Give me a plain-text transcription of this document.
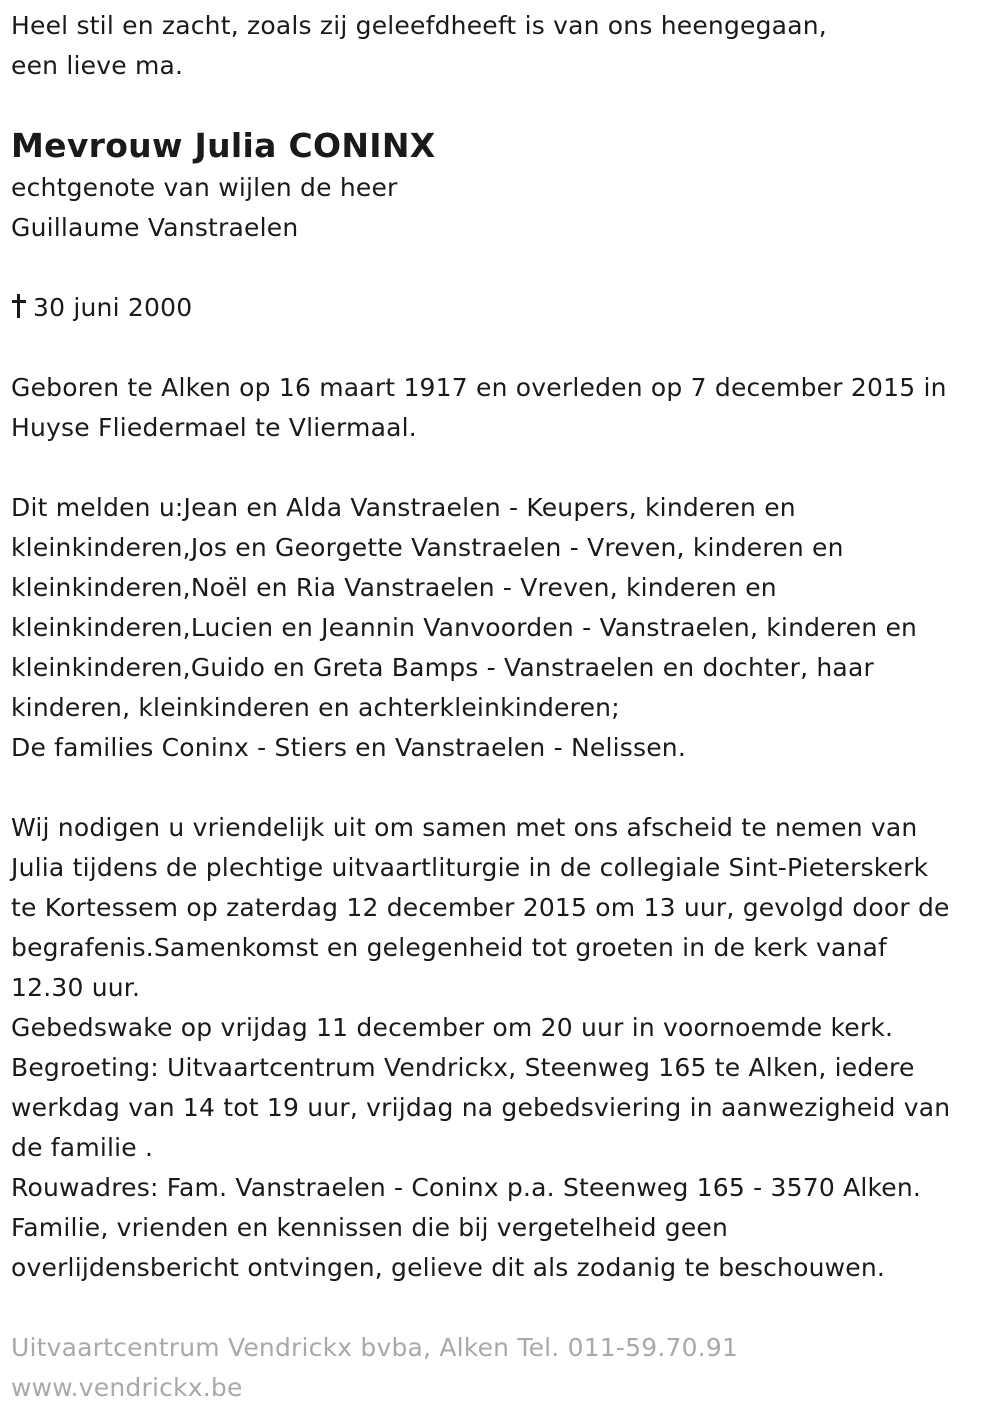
Heel stil en zacht, zoals zij geleefdheeft is van ons heengegaan,
een lieve ma.
Mevrouw Julia CONINX
echtgenote van wijlen de heer
Guillaume Vanstraelen
30 juni 2000
Geboren te Alken op 16 maart 1917 en overleden op 7 december 2015 in
Huyse Fliedermael te Vliermaal.
Dit melden u:Jean en Alda Vanstraelen - Keupers, kinderen en
kleinkinderen,Jos en Georgette Vanstraelen - Vreven, kinderen en
kleinkinderen,Noël en Ria Vanstraelen - Vreven, kinderen en
kleinkinderen,Lucien en Jeannin Vanvoorden - Vanstraelen, kinderen en
kleinkinderen,Guido en Greta Bamps - Vanstraelen en dochter, haar
kinderen, kleinkinderen en achterkleinkinderen;
De families Coninx - Stiers en Vanstraelen - Nelissen.
Wij nodigen u vriendelijk uit om samen met ons afscheid te nemen van
Julia tijdens de plechtige uitvaartliturgie in de collegiale Sint-Pieterskerk
te Kortessem op zaterdag 12 december 2015 om 13 uur, gevolgd door de
begrafenis.Samenkomst en gelegenheid tot groeten in de kerk vanaf
12.30 uur.
Gebedswake op vrijdag 11 december om 20 uur in voornoemde kerk.
Begroeting: Uitvaartcentrum Vendrickx, Steenweg 165 te Alken, iedere
werkdag van 14 tot 19 uur, vrijdag na gebedsviering in aanwezigheid van
de familie .
Rouwadres: Fam. Vanstraelen - Coninx p.a. Steenweg 165 - 3570 Alken.
Familie, vrienden en kennissen die bij vergetelheid geen
overlijdensbericht ontvingen, gelieve dit als zodanig te beschouwen.
Uitvaartcentrum Vendrickx bvba, Alken Tel. 011-59.70.91
www.vendrickx.be
